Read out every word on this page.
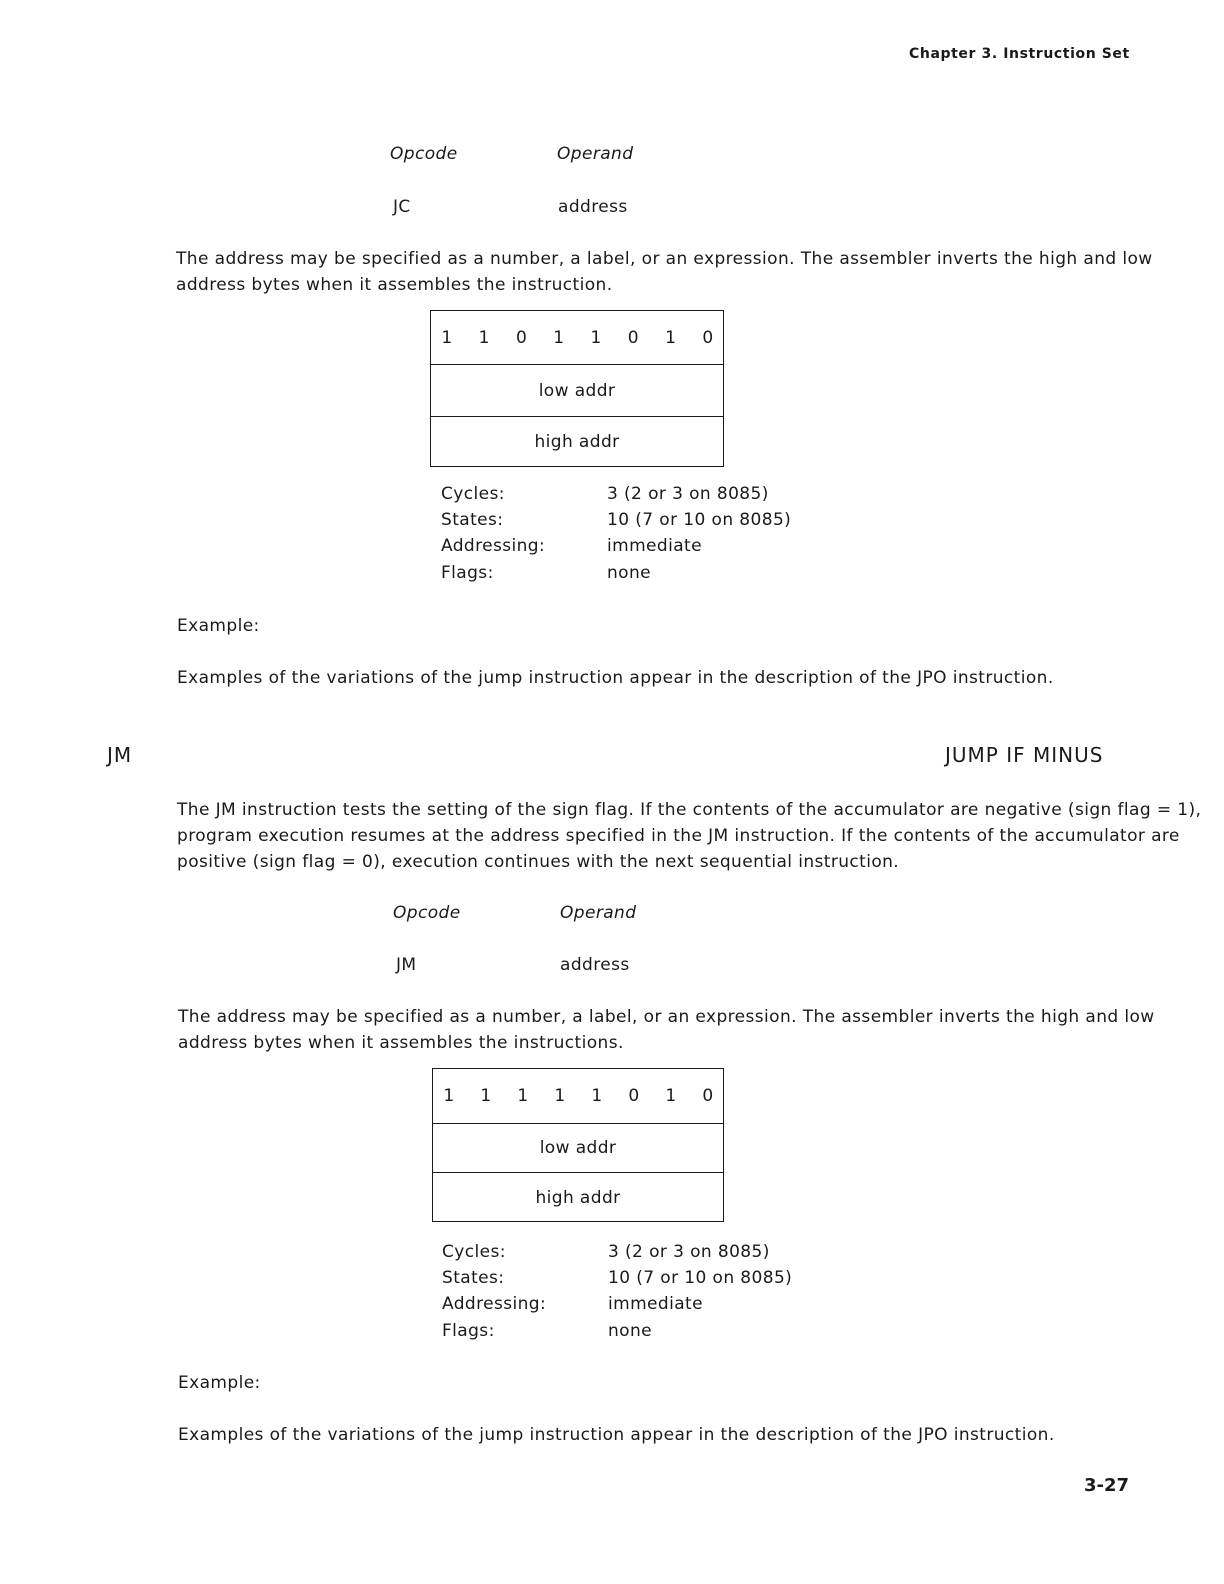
Chapter 3. Instruction Set
Opcode	Operand
JC	address
The address may be specified as a number, a label, or an expression. The assembler inverts the high and low
address bytes when it assembles the instruction.
1 1 0 1 1 0 1 0
low addr
high addr
Cycles:	3 (2 or 3 on 8085)
States:	10 (7 or 10 on 8085)
Addressing:	immediate
Flags:	none
Example:
Examples of the variations of the jump instruction appear in the description of the JPO instruction.
JM	JUMP IF MINUS
The JM instruction tests the setting of the sign flag. If the contents of the accumulator are negative (sign flag = 1),
program execution resumes at the address specified in the JM instruction. If the contents of the accumulator are
positive (sign flag = 0), execution continues with the next sequential instruction.
Opcode	Operand
JM	address
The address may be specified as a number, a label, or an expression. The assembler inverts the high and low
address bytes when it assembles the instructions.
1 1 1 1 1 0 1 0
low addr
high addr
Cycles:	3 (2 or 3 on 8085)
States:	10 (7 or 10 on 8085)
Addressing:	immediate
Flags:	none
Example:
Examples of the variations of the jump instruction appear in the description of the JPO instruction.
3-27
